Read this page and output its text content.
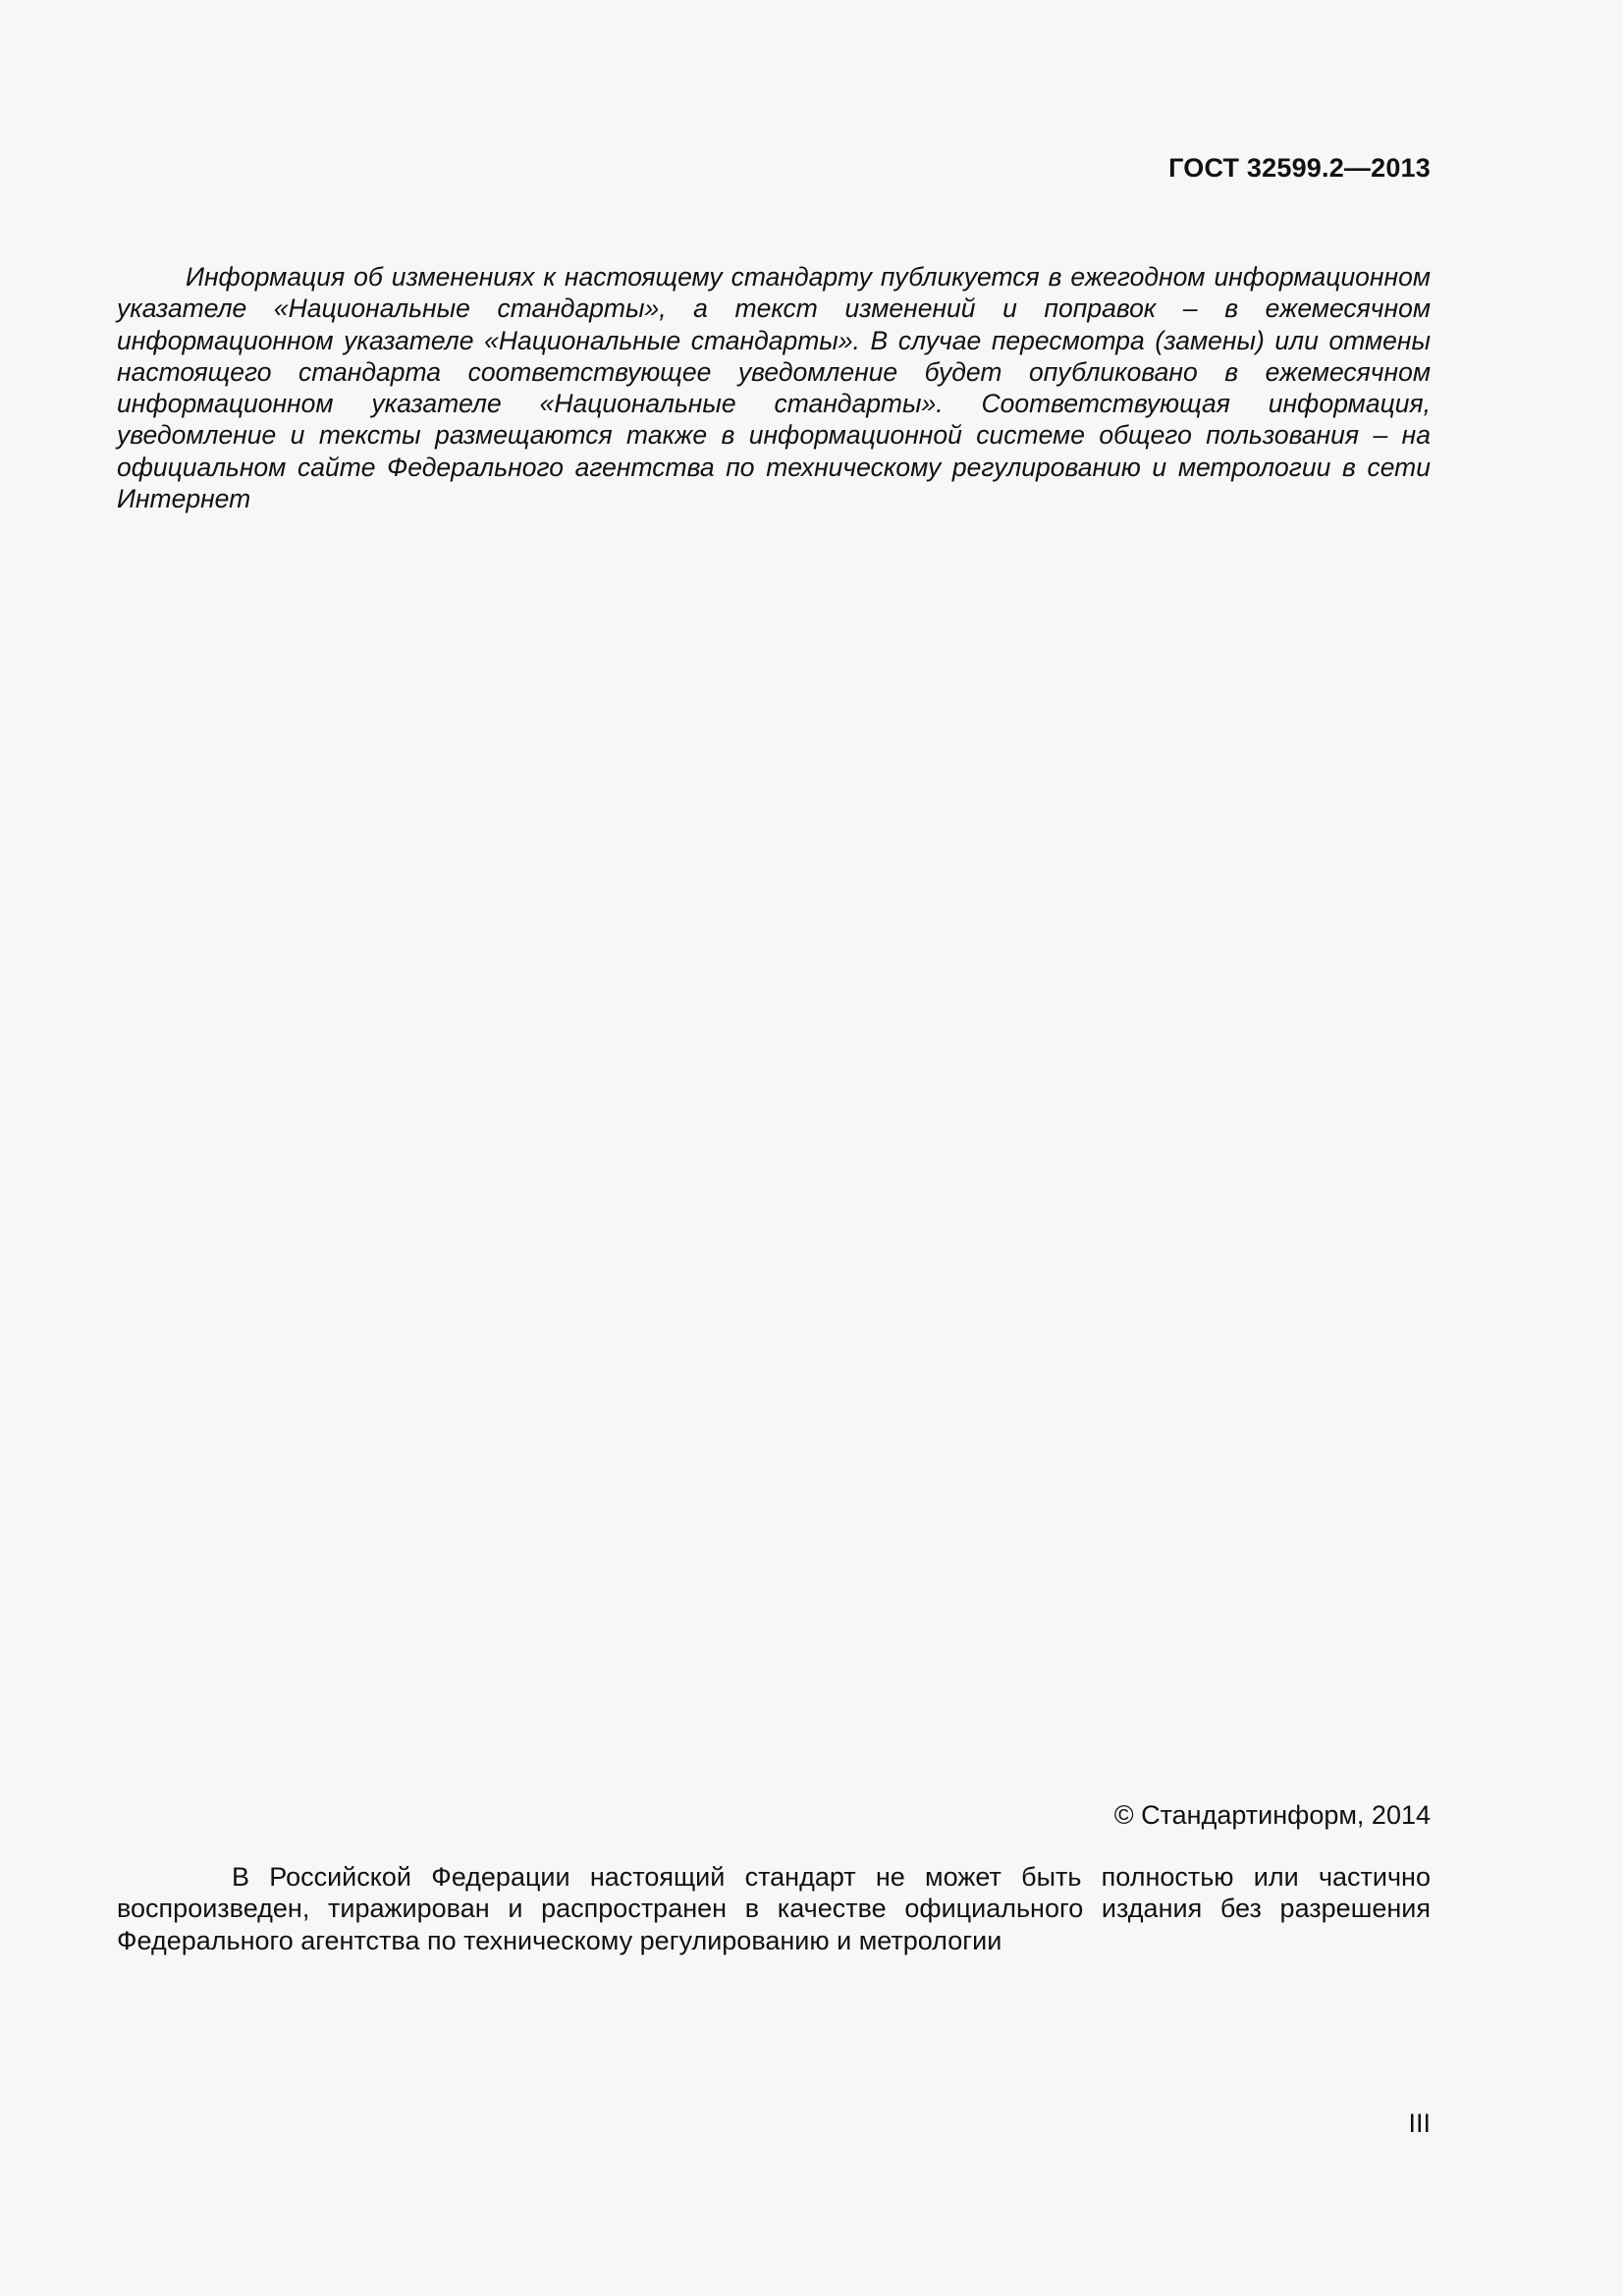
ГОСТ 32599.2—2013

Информация об изменениях к настоящему стандарту публикуется в ежегодном информационном указателе «Национальные стандарты», а текст изменений и поправок – в ежемесячном информационном указателе «Национальные стандарты». В случае пересмотра (замены) или отмены настоящего стандарта соответствующее уведомление будет опубликовано в ежемесячном информационном указателе «Национальные стандарты». Соответствующая информация, уведомление и тексты размещаются также в информационной системе общего пользования – на официальном сайте Федерального агентства по техническому регулированию и метрологии в сети Интернет

© Стандартинформ, 2014

В Российской Федерации настоящий стандарт не может быть полностью или частично воспроизведен, тиражирован и распространен в качестве официального издания без разрешения Федерального агентства по техническому регулированию и метрологии

III
